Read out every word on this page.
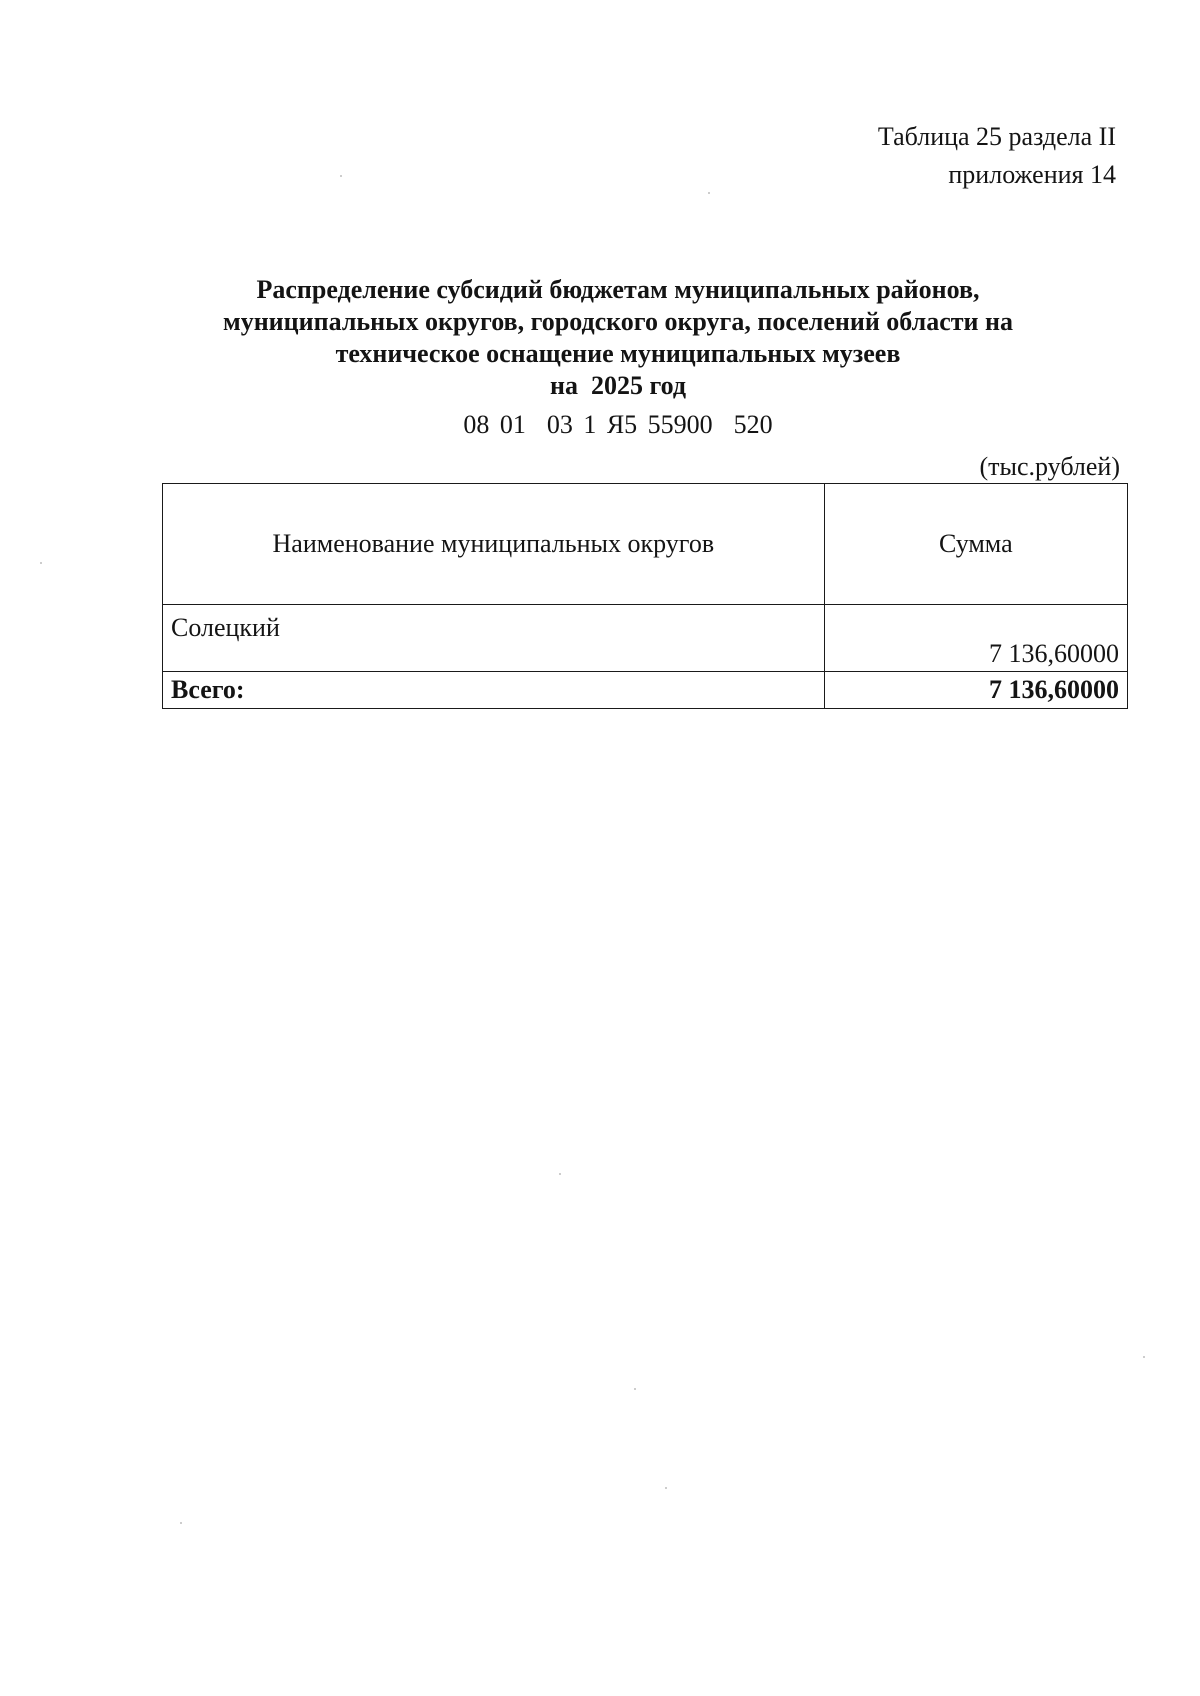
Таблица 25 раздела II
приложения 14
Распределение субсидий бюджетам муниципальных районов,
муниципальных округов, городского округа, поселений области на
техническое оснащение муниципальных музеев
на  2025 год
08 01  03 1 Я5 55900  520
(тыс.рублей)
Наименование муниципальных округов	Сумма
Солецкий	7 136,60000
Всего:	7 136,60000
